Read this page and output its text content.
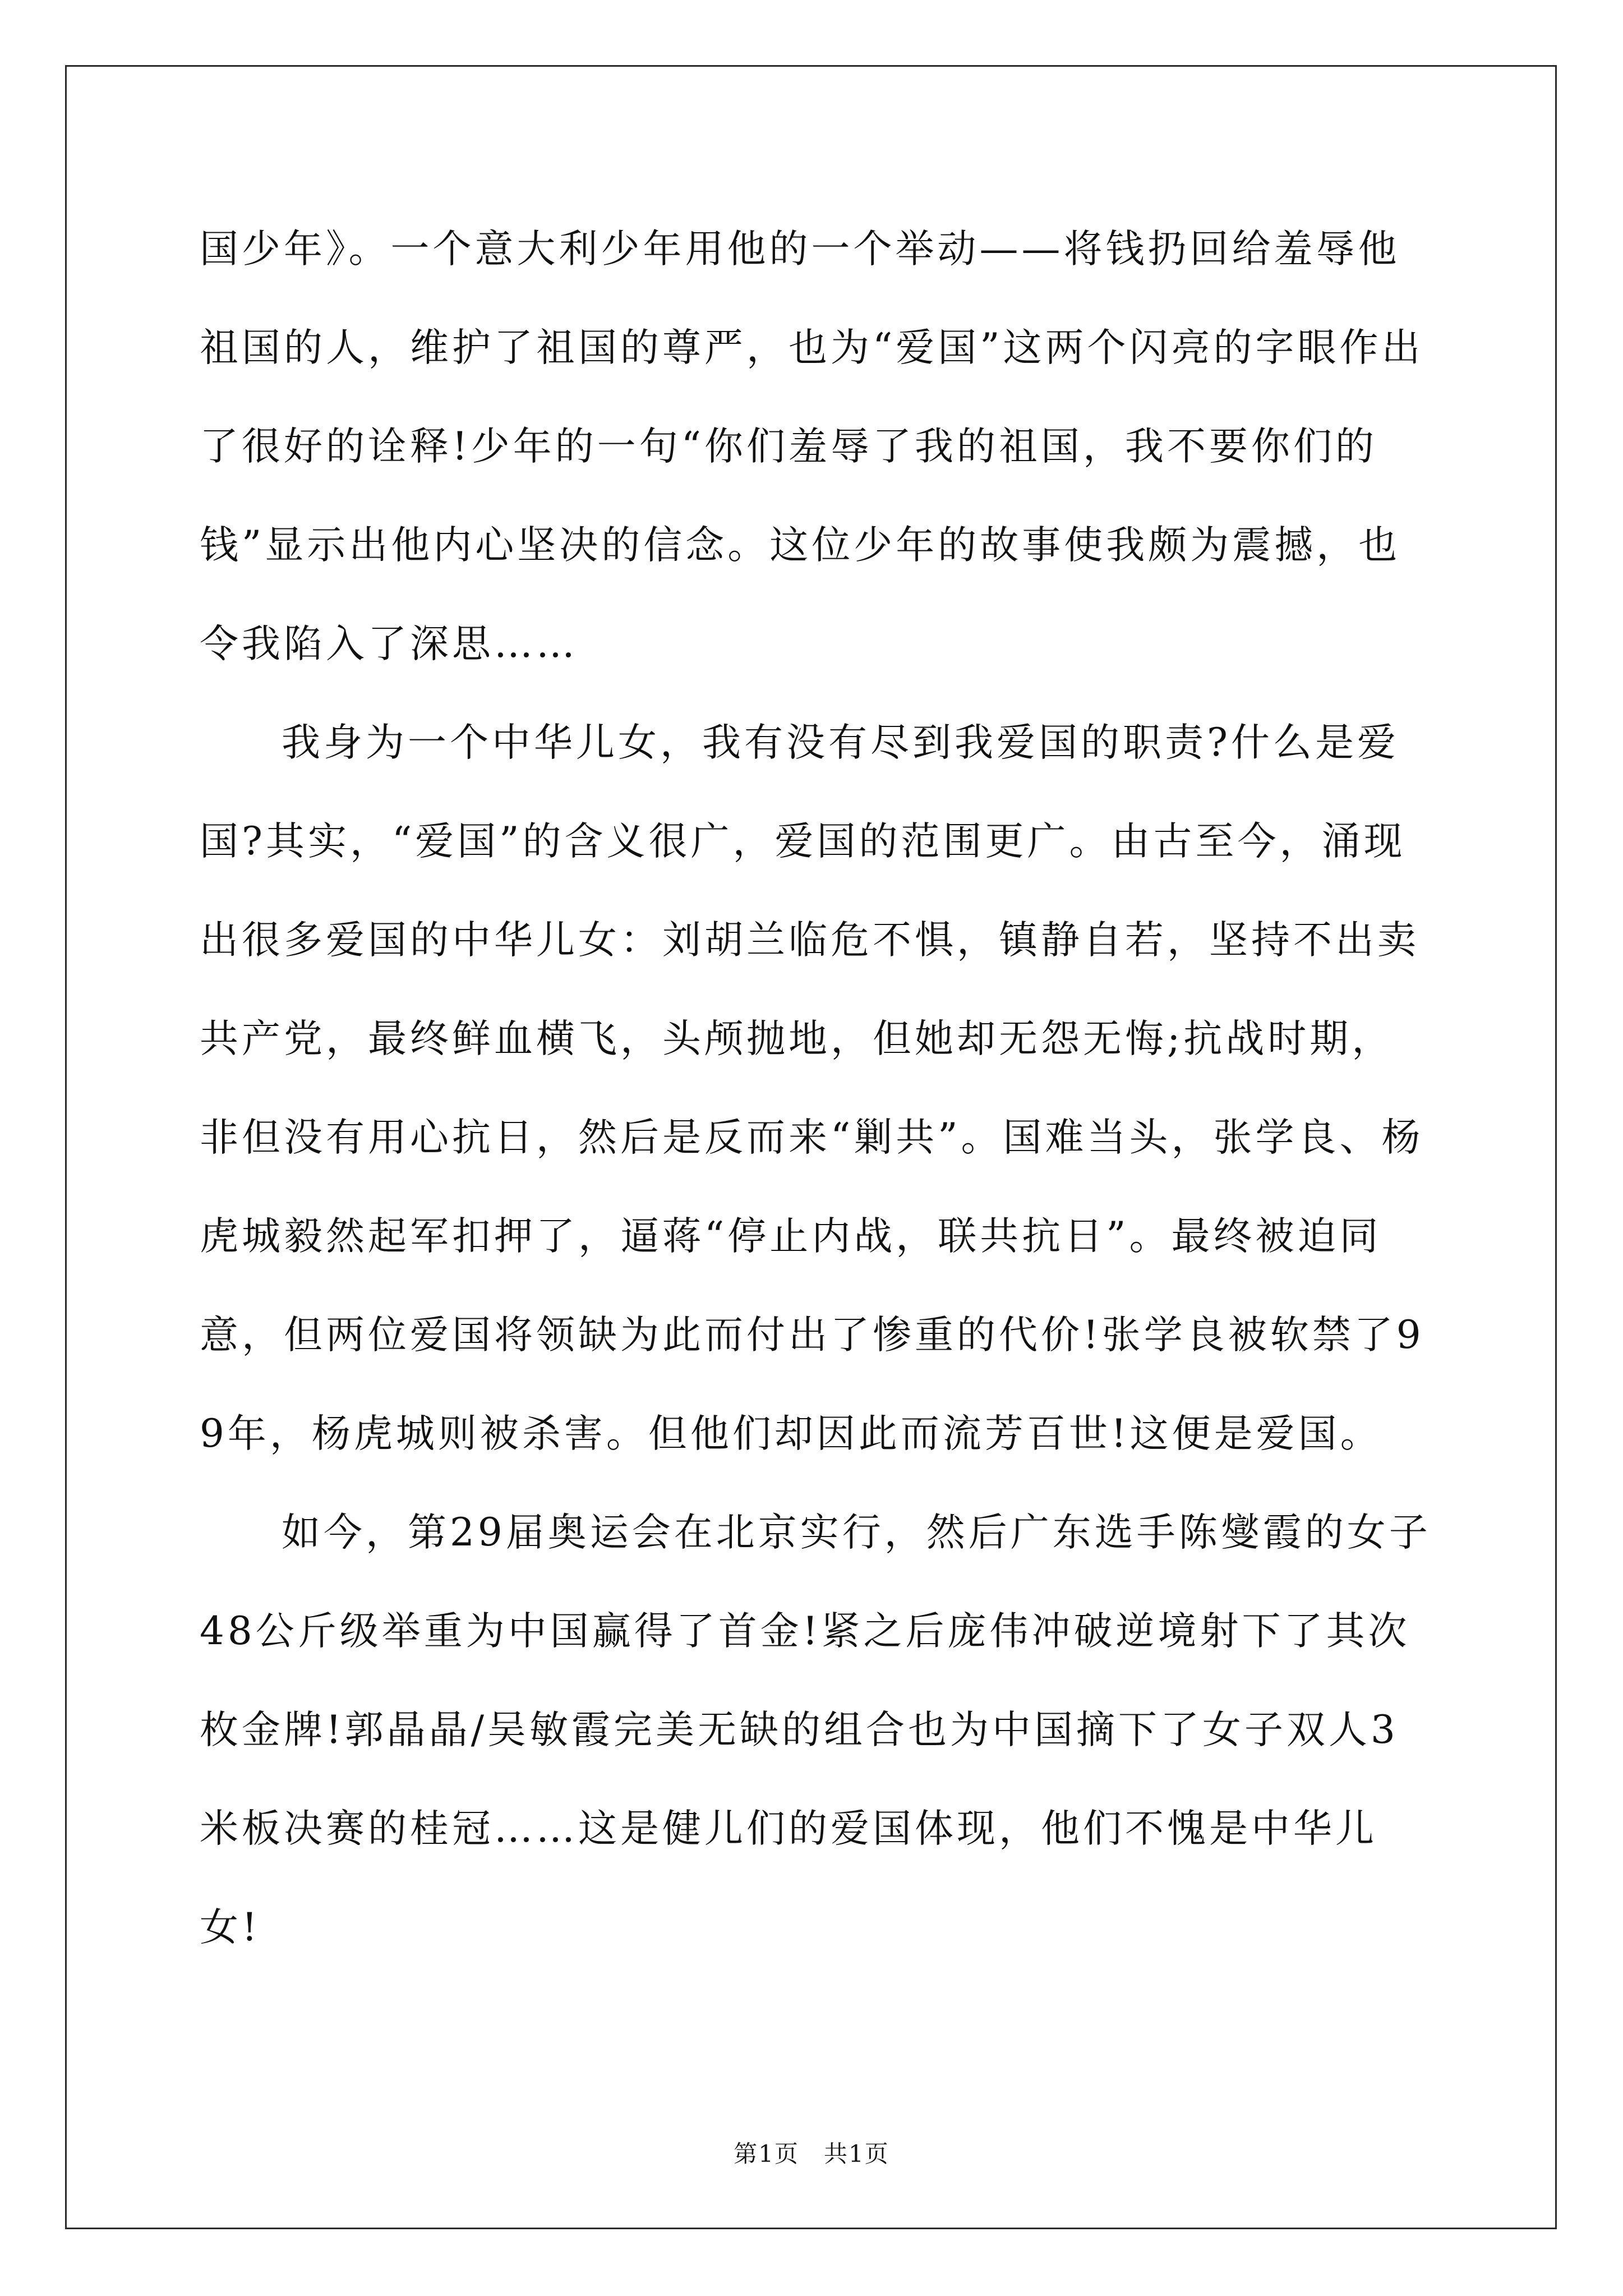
国少年》。一个意大利少年用他的一个举动——将钱扔回给羞辱他祖国的人，维护了祖国的尊严，也为“爱国”这两个闪亮的字眼作出了很好的诠释!少年的一句“你们羞辱了我的祖国，我不要你们的钱”显示出他内心坚决的信念。这位少年的故事使我颇为震撼，也令我陷入了深思……

我身为一个中华儿女，我有没有尽到我爱国的职责?什么是爱国?其实，“爱国”的含义很广，爱国的范围更广。由古至今，涌现出很多爱国的中华儿女：刘胡兰临危不惧，镇静自若，坚持不出卖共产党，最终鲜血横飞，头颅抛地，但她却无怨无悔;抗战时期，非但没有用心抗日，然后是反而来“剿共”。国难当头，张学良、杨虎城毅然起军扣押了，逼蒋“停止内战，联共抗日”。最终被迫同意，但两位爱国将领缺为此而付出了惨重的代价!张学良被软禁了99年，杨虎城则被杀害。但他们却因此而流芳百世!这便是爱国。

如今，第29届奥运会在北京实行，然后广东选手陈燮霞的女子48公斤级举重为中国赢得了首金!紧之后庞伟冲破逆境射下了其次枚金牌!郭晶晶/吴敏霞完美无缺的组合也为中国摘下了女子双人3米板决赛的桂冠……这是健儿们的爱国体现，他们不愧是中华儿女!

第1页　共1页
